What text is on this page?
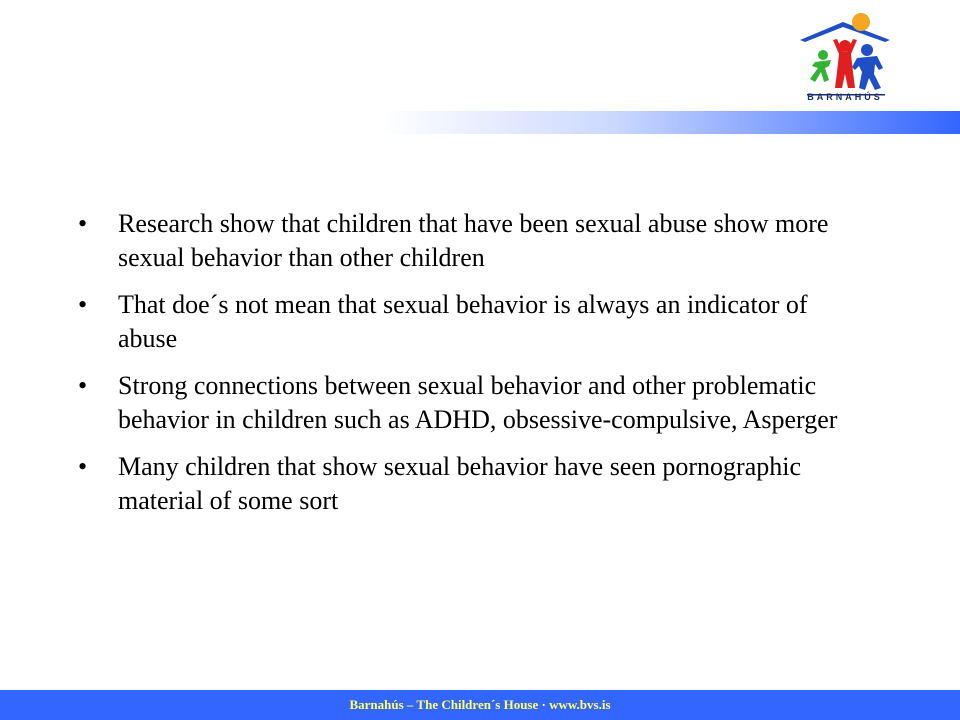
BARNAHÚS
•	Research show that children that have been sexual abuse show more sexual behavior than other children
•	That doe´s not mean that sexual behavior is always an indicator of abuse
•	Strong connections between sexual behavior and other problematic behavior in children such as ADHD, obsessive-compulsive, Asperger
•	Many children that show sexual behavior have seen pornographic material of some sort
Barnahús – The Children´s House · www.bvs.is
